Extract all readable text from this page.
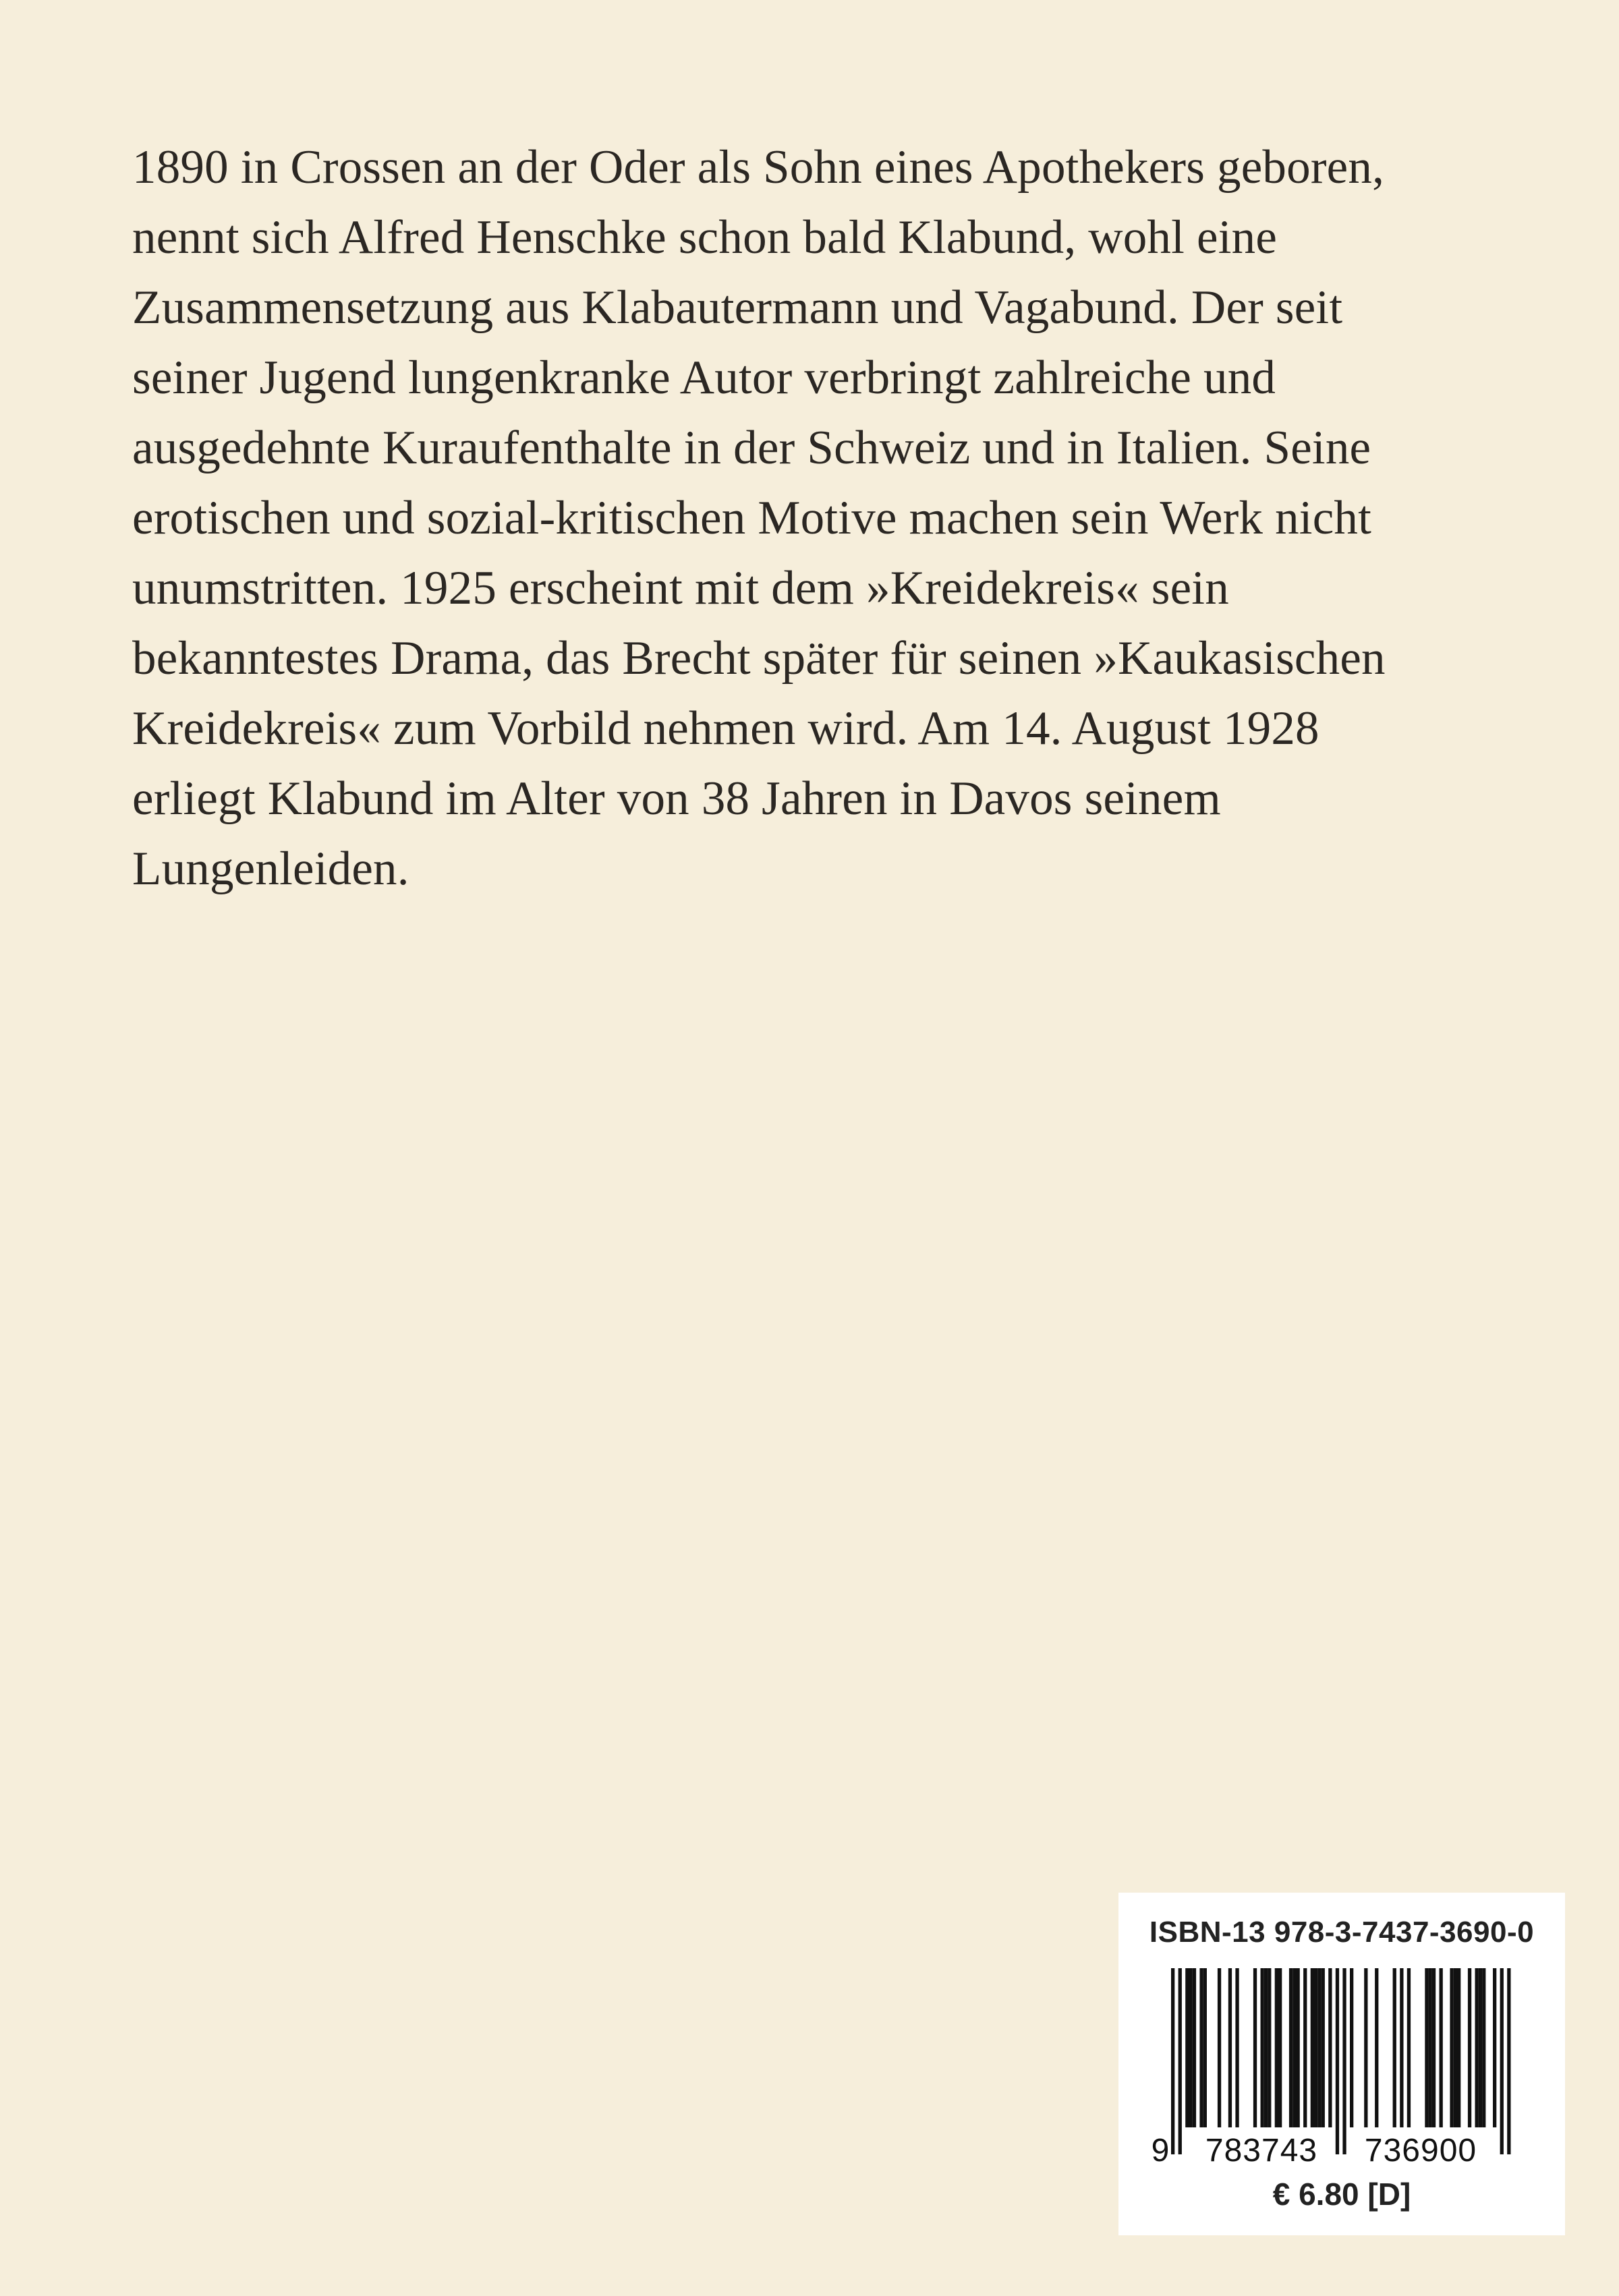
1890 in Crossen an der Oder als Sohn eines Apothekers geboren,
nennt sich Alfred Henschke schon bald Klabund, wohl eine
Zusammensetzung aus Klabautermann und Vagabund. Der seit
seiner Jugend lungenkranke Autor verbringt zahlreiche und
ausgedehnte Kuraufenthalte in der Schweiz und in Italien. Seine
erotischen und sozial-kritischen Motive machen sein Werk nicht
unumstritten. 1925 erscheint mit dem »Kreidekreis« sein
bekanntestes Drama, das Brecht später für seinen »Kaukasischen
Kreidekreis« zum Vorbild nehmen wird. Am 14. August 1928
erliegt Klabund im Alter von 38 Jahren in Davos seinem
Lungenleiden.
ISBN-13 978-3-7437-3690-0
9 783743 736900
€ 6.80 [D]
